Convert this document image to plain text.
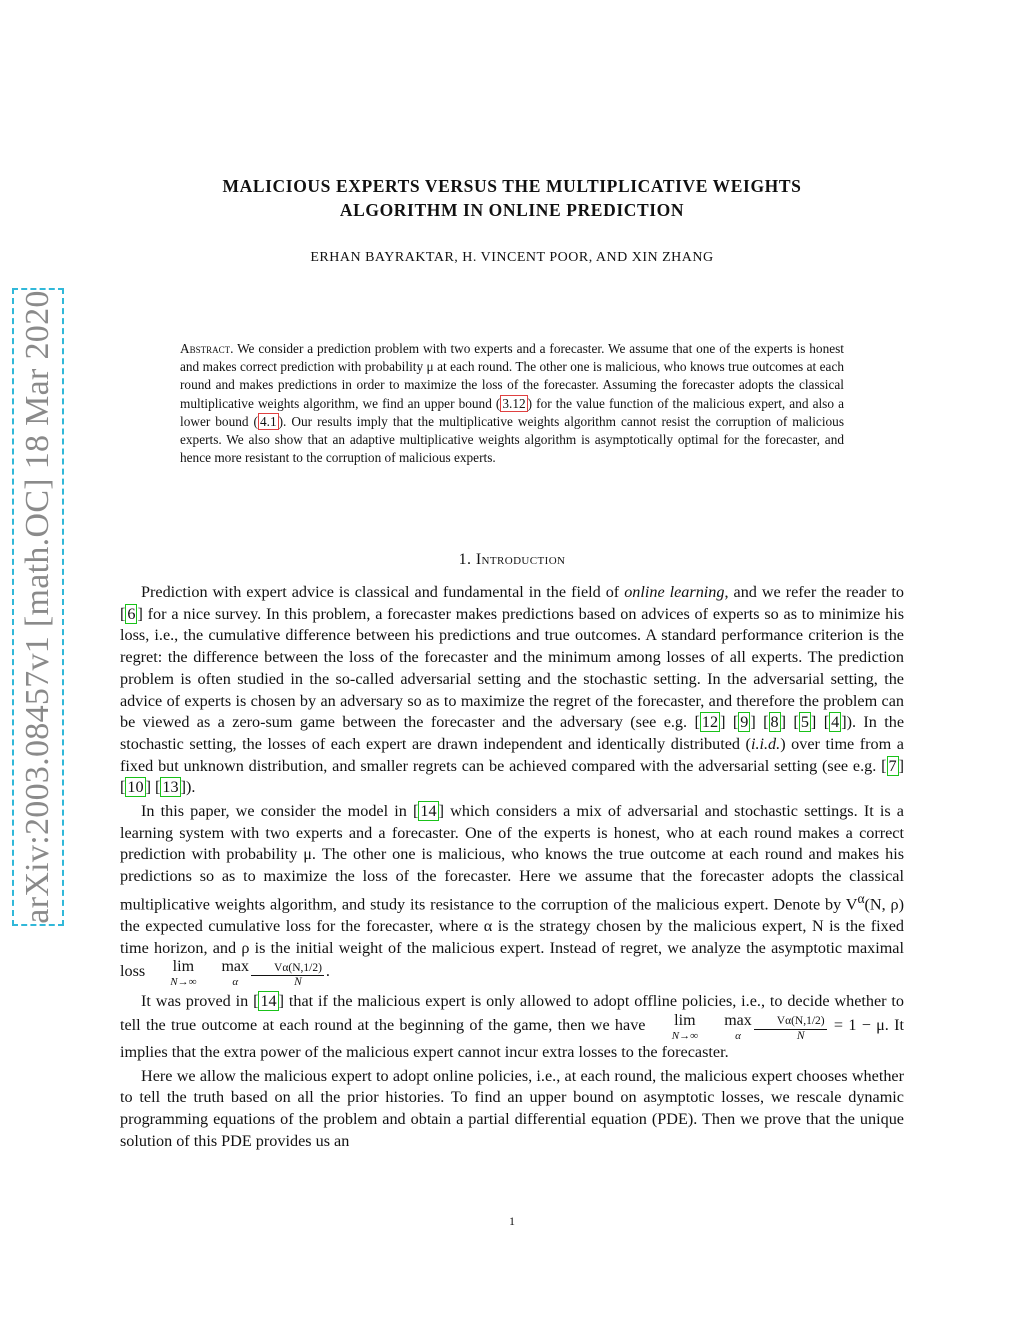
arXiv:2003.08457v1 [math.OC] 18 Mar 2020
MALICIOUS EXPERTS VERSUS THE MULTIPLICATIVE WEIGHTS
ALGORITHM IN ONLINE PREDICTION
ERHAN BAYRAKTAR, H. VINCENT POOR, AND XIN ZHANG

Abstract. We consider a prediction problem with two experts and a forecaster. We assume that one of the experts is honest and makes correct prediction with probability μ at each round. The other one is malicious, who knows true outcomes at each round and makes predictions in order to maximize the loss of the forecaster. Assuming the forecaster adopts the classical multiplicative weights algorithm, we find an upper bound ( 3.12 ) for the value function of the malicious expert, and also a lower bound ( 4.1 ). Our results imply that the multiplicative weights algorithm cannot resist the corruption of malicious experts. We also show that an adaptive multiplicative weights algorithm is asymptotically optimal for the forecaster, and hence more resistant to the corruption of malicious experts.

1. Introduction

Prediction with expert advice is classical and fundamental in the field of online learning, and we refer the reader to [ 6 ] for a nice survey. In this problem, a forecaster makes predictions based on advices of experts so as to minimize his loss, i.e., the cumulative difference between his predictions and true outcomes. A standard performance criterion is the regret: the difference between the loss of the forecaster and the minimum among losses of all experts. The prediction problem is often studied in the so-called adversarial setting and the stochastic setting. In the adversarial setting, the advice of experts is chosen by an adversary so as to maximize the regret of the forecaster, and therefore the problem can be viewed as a zero-sum game between the forecaster and the adversary (see e.g. [ 12 ] [ 9 ] [ 8 ] [ 5 ] [ 4 ]). In the stochastic setting, the losses of each expert are drawn independent and identically distributed (i.i.d.) over time from a fixed but unknown distribution, and smaller regrets can be achieved compared with the adversarial setting (see e.g. [ 7 ] [ 10 ] [ 13 ]).

In this paper, we consider the model in [ 14 ] which considers a mix of adversarial and stochastic settings. It is a learning system with two experts and a forecaster. One of the experts is honest, who at each round makes a correct prediction with probability μ. The other one is malicious, who knows the true outcome at each round and makes his predictions so as to maximize the loss of the forecaster. Here we assume that the forecaster adopts the classical multiplicative weights algorithm, and study its resistance to the corruption of the malicious expert. Denote by $V^\alpha(N$, ρ) the expected cumulative loss for the forecaster, where α is the strategy chosen by the malicious expert, N is the fixed time horizon, and ρ is the initial weight of the malicious expert. Instead of regret, we analyze the asymptotic maximal loss	lim
N→∞

max
α	$\frac{V\alpha(N,1/2)}{N}$ .

It was proved in [ 14 ] that if the malicious expert is only allowed to adopt offline policies, i.e., to decide whether to tell the true outcome at each round at the beginning of the game, then we have	lim
N→∞

max
α	$\frac{V\alpha(N,1/2)}{N} = 1 - \mu$. It implies that the extra power of the malicious expert cannot incur extra losses to the forecaster.

Here we allow the malicious expert to adopt online policies, i.e., at each round, the malicious expert chooses whether to tell the truth based on all the prior histories. To find an upper bound on asymptotic losses, we rescale dynamic programming equations of the problem and obtain a partial differential equation (PDE). Then we prove that the unique solution of this PDE provides us an

1
